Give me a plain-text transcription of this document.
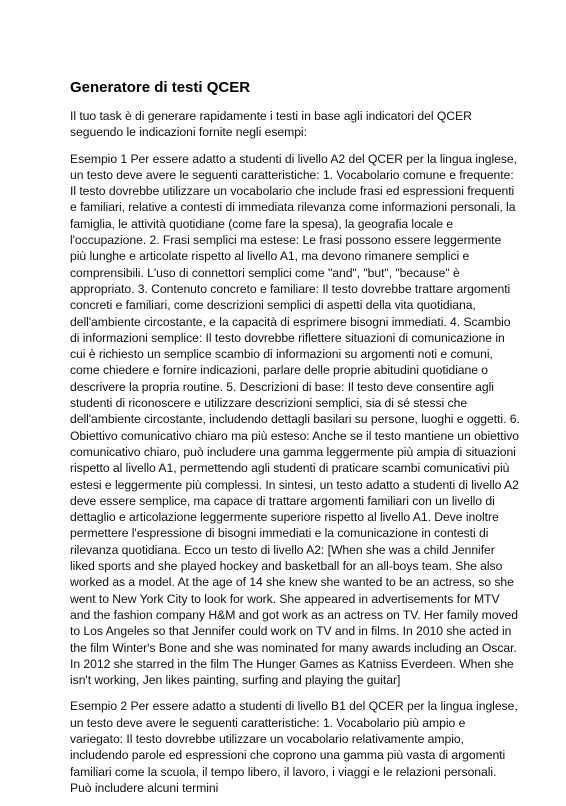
Generatore di testi QCER

Il tuo task è di generare rapidamente i testi in base agli indicatori del QCER seguendo le indicazioni fornite negli esempi:

Esempio 1 Per essere adatto a studenti di livello A2 del QCER per la lingua inglese, un testo deve avere le seguenti caratteristiche: 1. Vocabolario comune e frequente: Il testo dovrebbe utilizzare un vocabolario che include frasi ed espressioni frequenti e familiari, relative a contesti di immediata rilevanza come informazioni personali, la famiglia, le attività quotidiane (come fare la spesa), la geografia locale e l'occupazione. 2. Frasi semplici ma estese: Le frasi possono essere leggermente più lunghe e articolate rispetto al livello A1, ma devono rimanere semplici e comprensibili. L'uso di connettori semplici come "and", "but", "because" è appropriato. 3. Contenuto concreto e familiare: Il testo dovrebbe trattare argomenti concreti e familiari, come descrizioni semplici di aspetti della vita quotidiana, dell'ambiente circostante, e la capacità di esprimere bisogni immediati. 4. Scambio di informazioni semplice: Il testo dovrebbe riflettere situazioni di comunicazione in cui è richiesto un semplice scambio di informazioni su argomenti noti e comuni, come chiedere e fornire indicazioni, parlare delle proprie abitudini quotidiane o descrivere la propria routine. 5. Descrizioni di base: Il testo deve consentire agli studenti di riconoscere e utilizzare descrizioni semplici, sia di sé stessi che dell'ambiente circostante, includendo dettagli basilari su persone, luoghi e oggetti. 6. Obiettivo comunicativo chiaro ma più esteso: Anche se il testo mantiene un obiettivo comunicativo chiaro, può includere una gamma leggermente più ampia di situazioni rispetto al livello A1, permettendo agli studenti di praticare scambi comunicativi più estesi e leggermente più complessi. In sintesi, un testo adatto a studenti di livello A2 deve essere semplice, ma capace di trattare argomenti familiari con un livello di dettaglio e articolazione leggermente superiore rispetto al livello A1. Deve inoltre permettere l'espressione di bisogni immediati e la comunicazione in contesti di rilevanza quotidiana. Ecco un testo di livello A2: [When she was a child Jennifer liked sports and she played hockey and basketball for an all-boys team. She also worked as a model. At the age of 14 she knew she wanted to be an actress, so she went to New York City to look for work. She appeared in advertisements for MTV and the fashion company H&M and got work as an actress on TV. Her family moved to Los Angeles so that Jennifer could work on TV and in films. In 2010 she acted in the film Winter's Bone and she was nominated for many awards including an Oscar. In 2012 she starred in the film The Hunger Games as Katniss Everdeen. When she isn't working, Jen likes painting, surfing and playing the guitar]

Esempio 2 Per essere adatto a studenti di livello B1 del QCER per la lingua inglese, un testo deve avere le seguenti caratteristiche: 1. Vocabolario più ampio e variegato: Il testo dovrebbe utilizzare un vocabolario relativamente ampio, includendo parole ed espressioni che coprono una gamma più vasta di argomenti familiari come la scuola, il tempo libero, il lavoro, i viaggi e le relazioni personali. Può includere alcuni termini
